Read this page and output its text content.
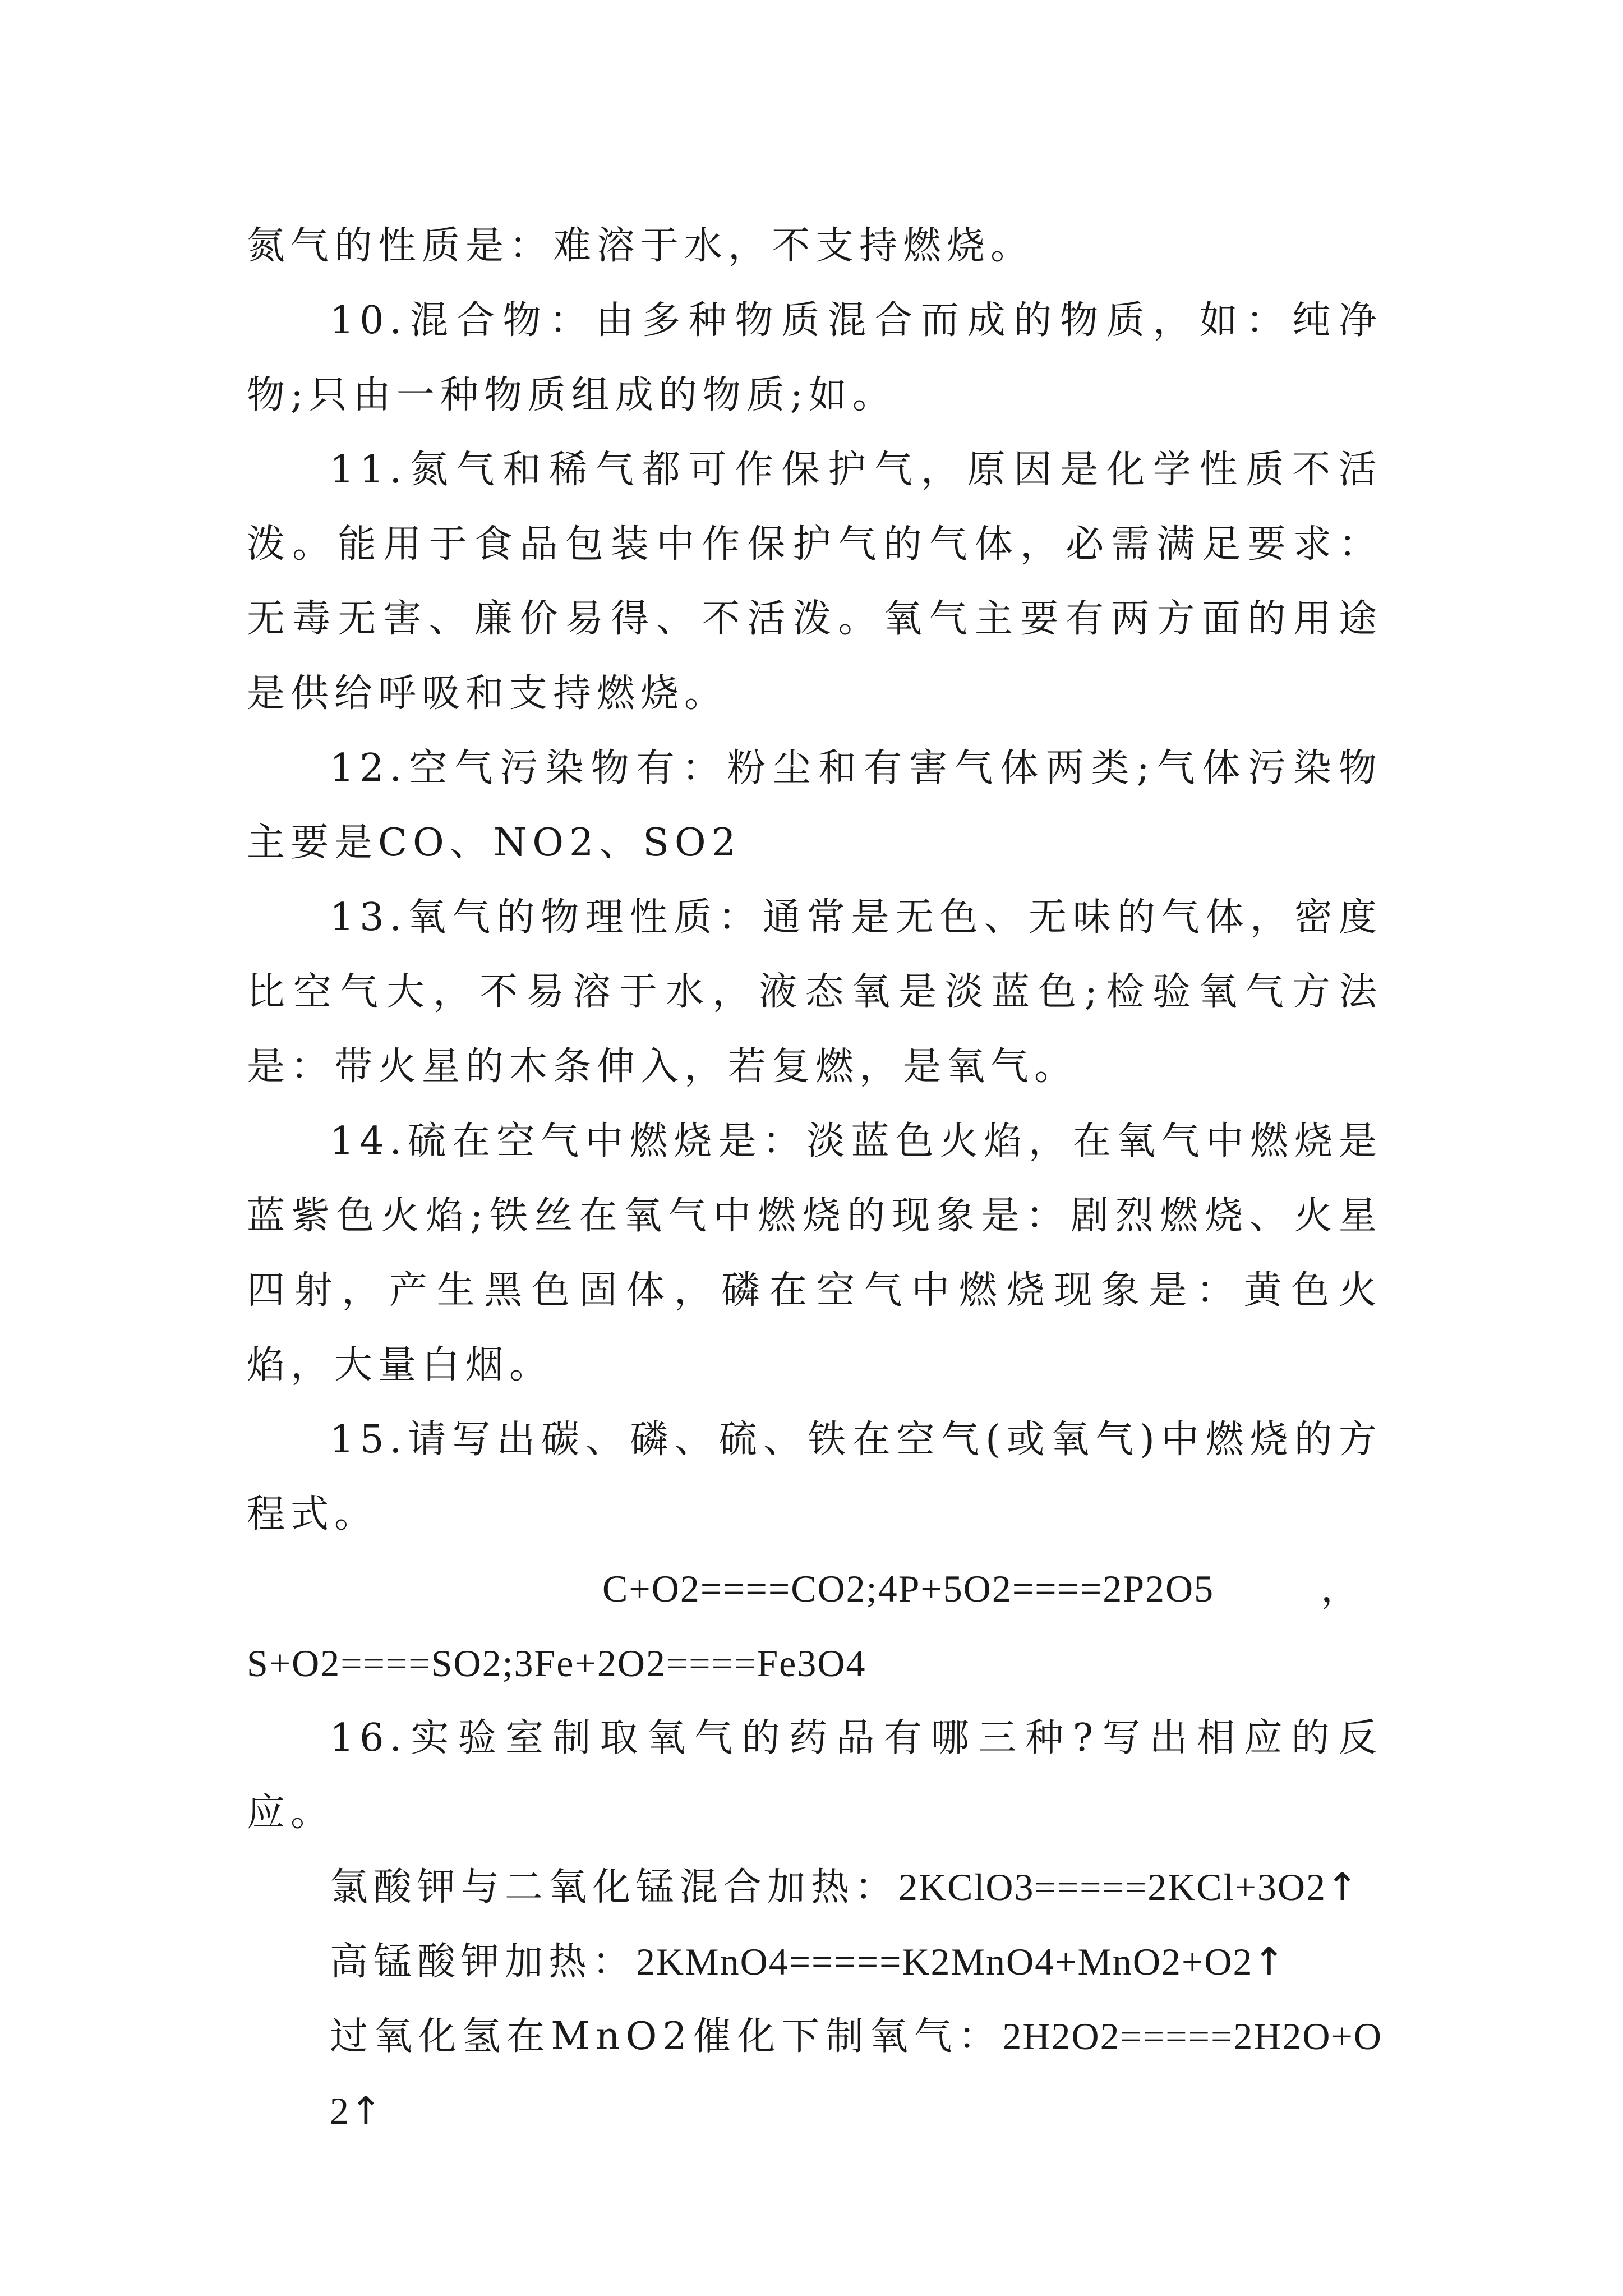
氮气的性质是：难溶于水，不支持燃烧。

10.混合物：由多种物质混合而成的物质，如：纯净物;只由一种物质组成的物质;如。

11.氮气和稀气都可作保护气，原因是化学性质不活泼。能用于食品包装中作保护气的气体，必需满足要求：无毒无害、廉价易得、不活泼。氧气主要有两方面的用途是供给呼吸和支持燃烧。

12.空气污染物有：粉尘和有害气体两类;气体污染物主要是CO、NO2、SO2

13.氧气的物理性质：通常是无色、无味的气体，密度比空气大，不易溶于水，液态氧是淡蓝色;检验氧气方法是：带火星的木条伸入，若复燃，是氧气。

14.硫在空气中燃烧是：淡蓝色火焰，在氧气中燃烧是蓝紫色火焰;铁丝在氧气中燃烧的现象是：剧烈燃烧、火星四射，产生黑色固体，磷在空气中燃烧现象是：黄色火焰，大量白烟。

15.请写出碳、磷、硫、铁在空气(或氧气)中燃烧的方程式。

C+O2====CO2;4P+5O2====2P2O5	，
S+O2====SO2;3Fe+2O2====Fe3O4

16.实验室制取氧气的药品有哪三种?写出相应的反应。

氯酸钾与二氧化锰混合加热：2KClO3=====2KCl+3O2↑
高锰酸钾加热：2KMnO4=====K2MnO4+MnO2+O2↑
过氧化氢在MnO2催化下制氧气：2H2O2=====2H2O+O2↑
